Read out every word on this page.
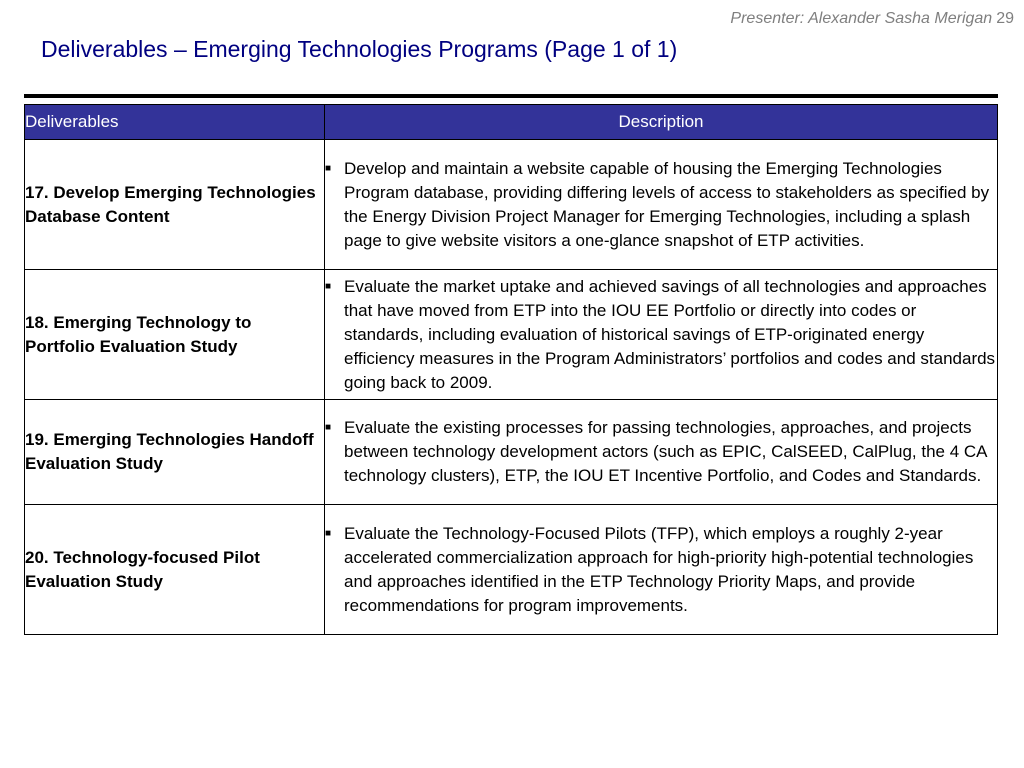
Presenter: Alexander Sasha Merigan 29
Deliverables – Emerging Technologies Programs (Page 1 of 1)
Deliverables	Description
17. Develop Emerging Technologies Database Content	■ Develop and maintain a website capable of housing the Emerging Technologies Program database, providing differing levels of access to stakeholders as specified by the Energy Division Project Manager for Emerging Technologies, including a splash page to give website visitors a one-glance snapshot of ETP activities.

18. Emerging Technology to Portfolio Evaluation Study	■ Evaluate the market uptake and achieved savings of all technologies and approaches that have moved from ETP into the IOU EE Portfolio or directly into codes or standards, including evaluation of historical savings of ETP-originated energy efficiency measures in the Program Administrators’ portfolios and codes and standards going back to 2009.

19. Emerging Technologies Handoff Evaluation Study	■ Evaluate the existing processes for passing technologies, approaches, and projects between technology development actors (such as EPIC, CalSEED, CalPlug, the 4 CA technology clusters), ETP, the IOU ET Incentive Portfolio, and Codes and Standards.

20. Technology-focused Pilot Evaluation Study	■ Evaluate the Technology-Focused Pilots (TFP), which employs a roughly 2-year accelerated commercialization approach for high-priority high-potential technologies and approaches identified in the ETP Technology Priority Maps, and provide recommendations for program improvements.
